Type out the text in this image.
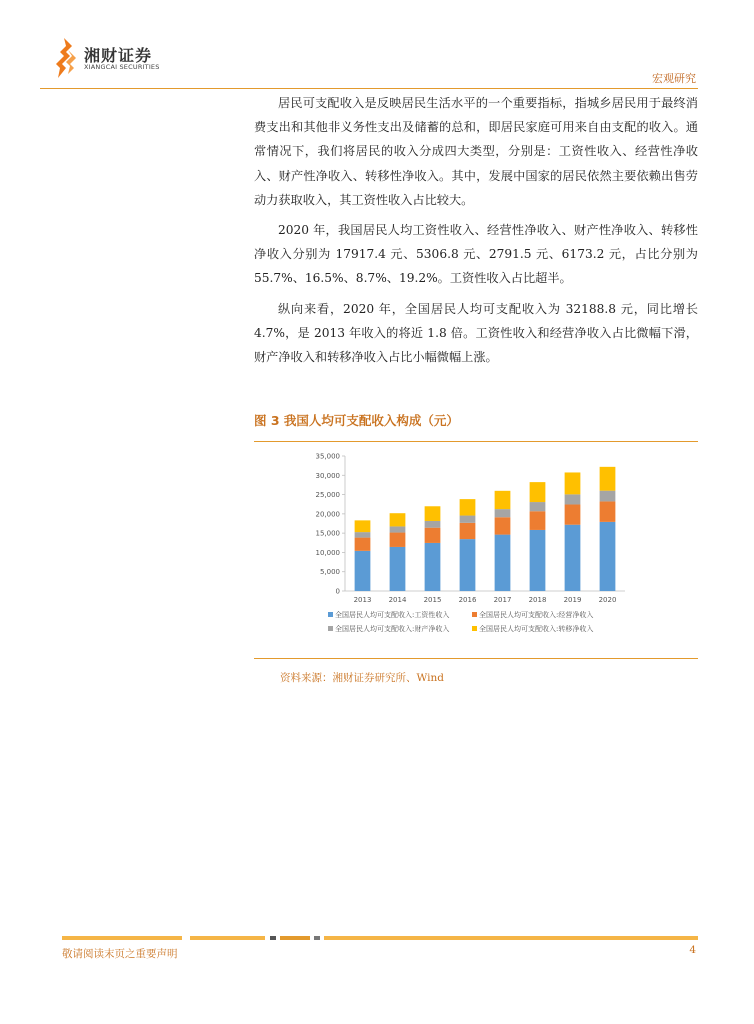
湘财证券
XIANGCAI SECURITIES
宏观研究

居民可支配收入是反映居民生活水平的一个重要指标，指城乡居民用于最终消费支出和其他非义务性支出及储蓄的总和，即居民家庭可用来自由支配的收入。通常情况下，我们将居民的收入分成四大类型，分别是：工资性收入、经营性净收入、财产性净收入、转移性净收入。其中，发展中国家的居民依然主要依赖出售劳动力获取收入，其工资性收入占比较大。

2020 年，我国居民人均工资性收入、经营性净收入、财产性净收入、转移性净收入分别为 17917.4 元、5306.8 元、2791.5 元、6173.2 元，占比分别为 55.7%、16.5%、8.7%、19.2%。工资性收入占比超半。

纵向来看，2020 年，全国居民人均可支配收入为 32188.8 元，同比增长 4.7%，是 2013 年收入的将近 1.8 倍。工资性收入和经营净收入占比微幅下滑，财产净收入和转移净收入占比小幅微幅上涨。

图 3 我国人均可支配收入构成（元）
0
5,000
10,000
15,000
20,000
25,000
30,000
35,000
2013 2014 2015 2016 2017 2018 2019 2020
全国居民人均可支配收入:工资性收入	全国居民人均可支配收入:经营净收入
全国居民人均可支配收入:财产净收入	全国居民人均可支配收入:转移净收入
资料来源：湘财证券研究所、Wind
敬请阅读末页之重要声明	4
